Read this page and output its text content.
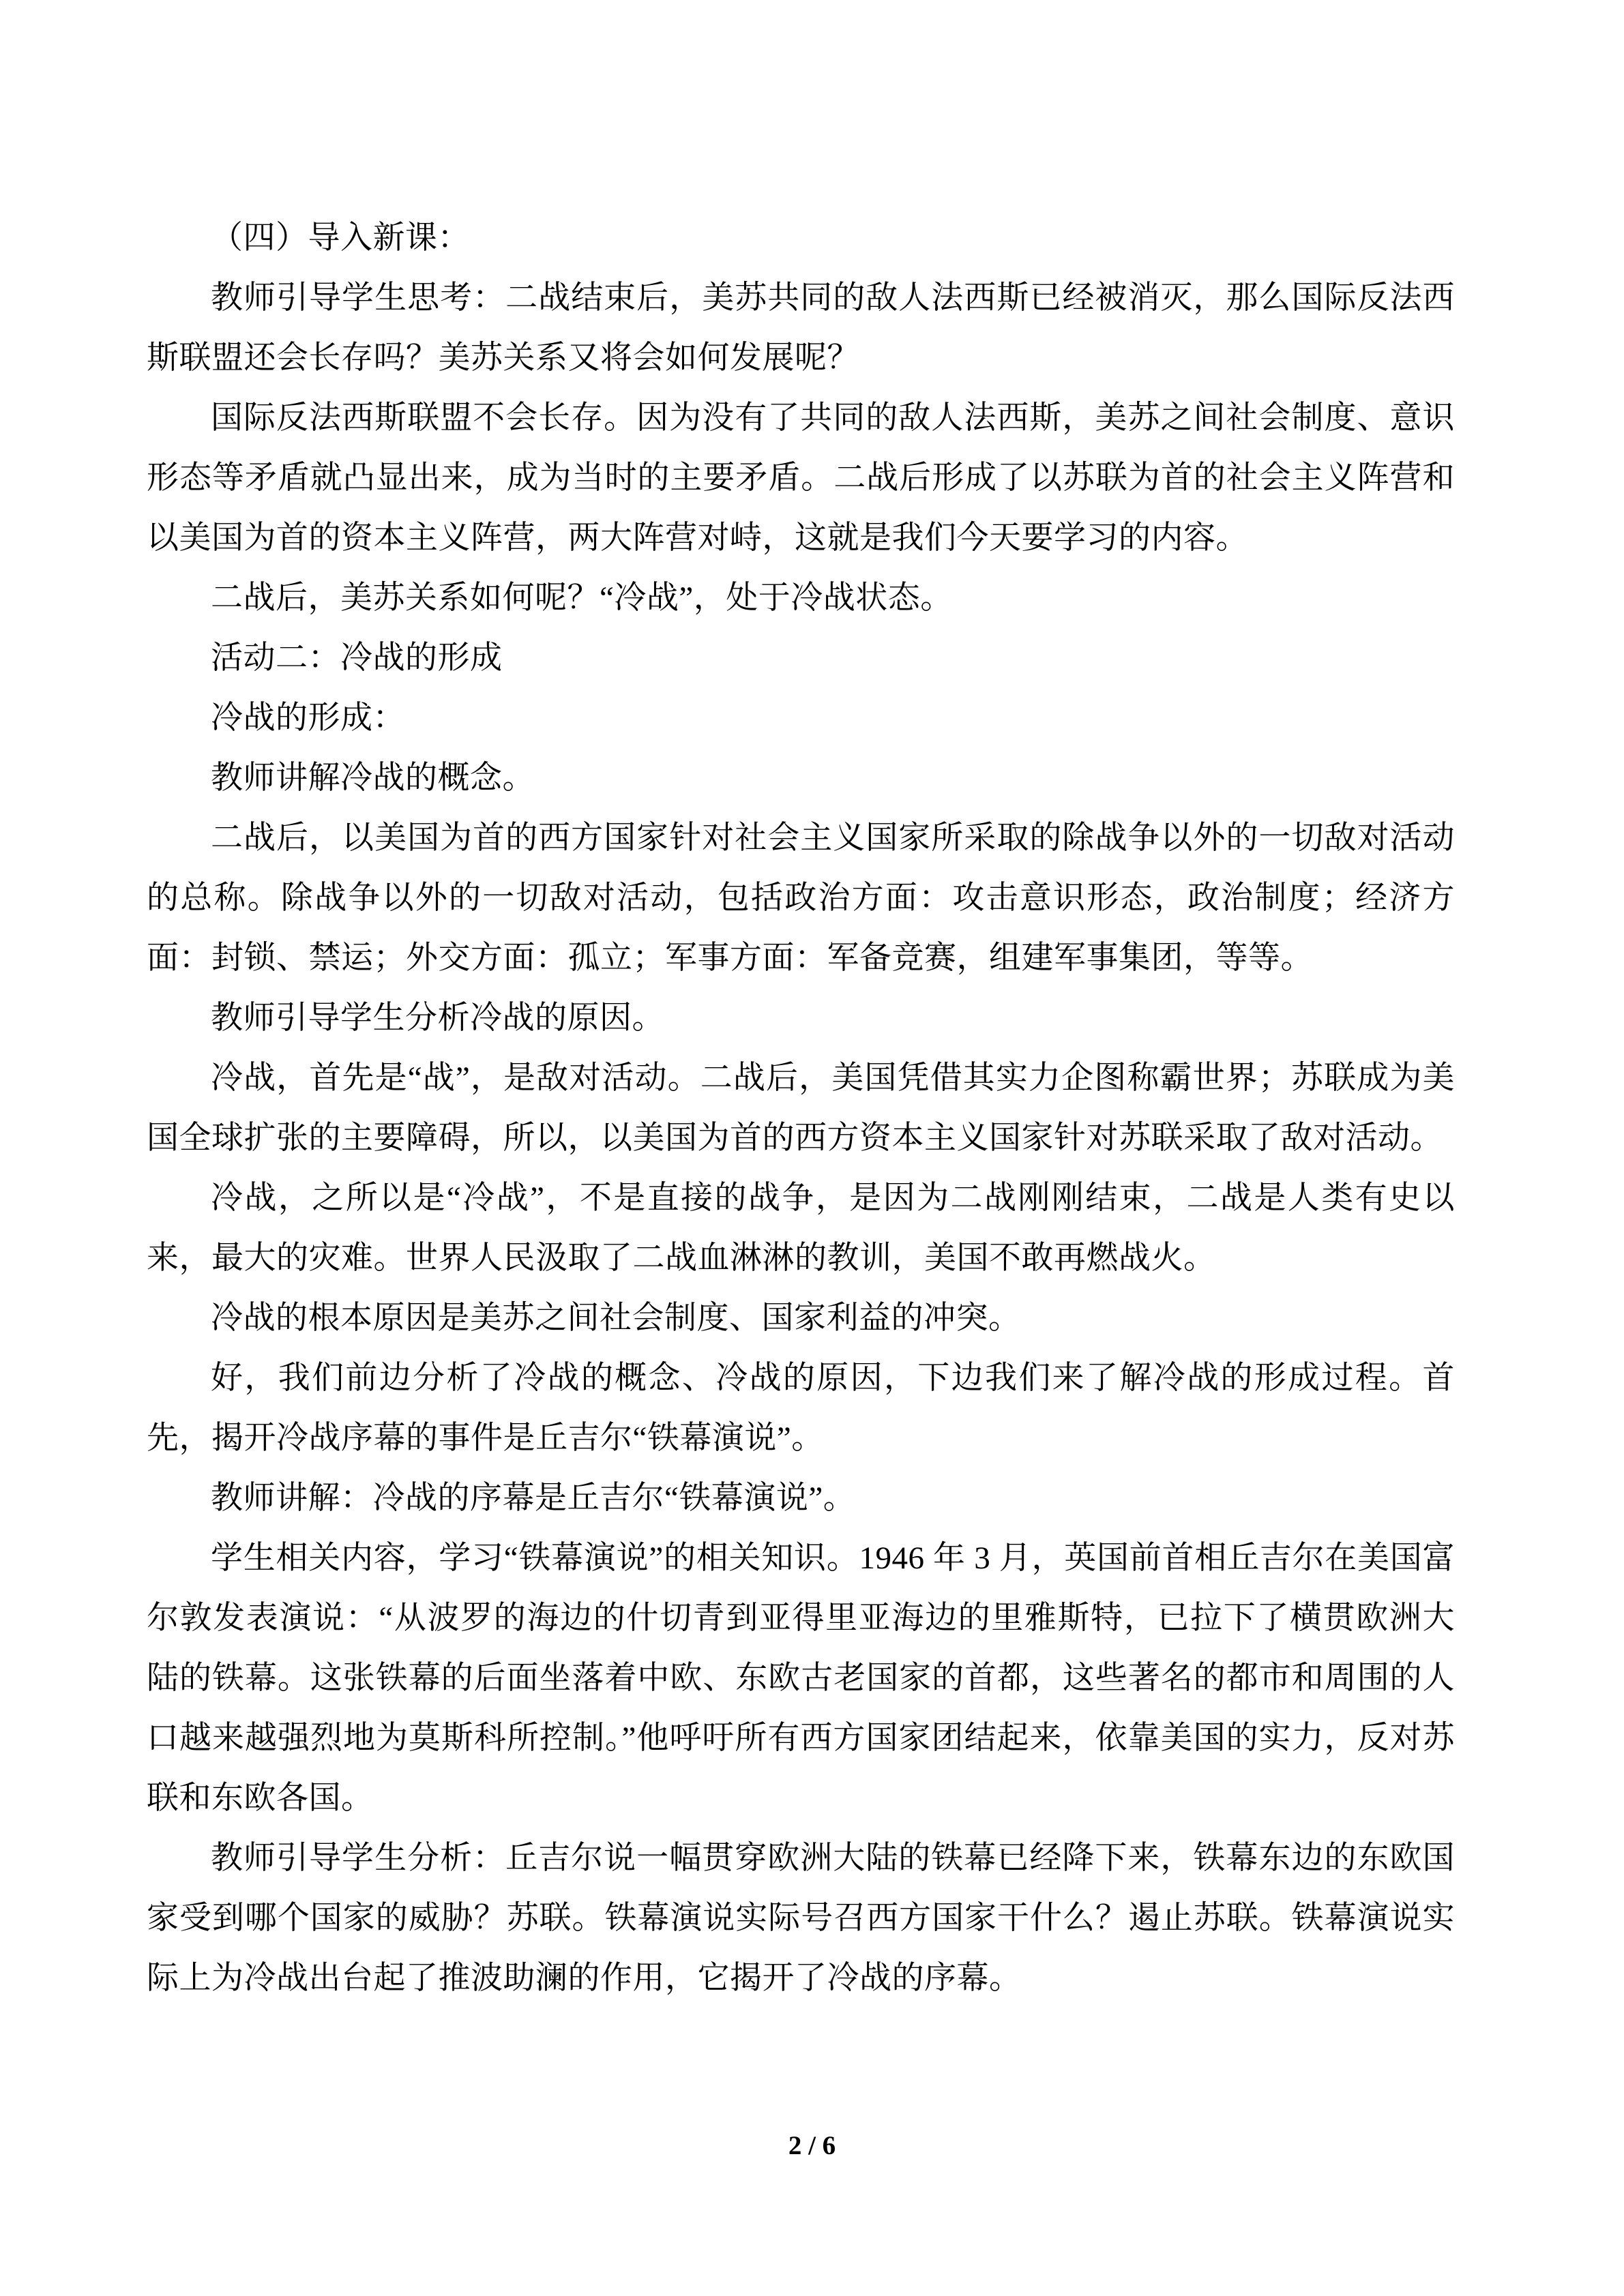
（四）导入新课：

教师引导学生思考：二战结束后，美苏共同的敌人法西斯已经被消灭，那么国际反法西斯联盟还会长存吗？美苏关系又将会如何发展呢？

国际反法西斯联盟不会长存。因为没有了共同的敌人法西斯，美苏之间社会制度、意识形态等矛盾就凸显出来，成为当时的主要矛盾。二战后形成了以苏联为首的社会主义阵营和以美国为首的资本主义阵营，两大阵营对峙，这就是我们今天要学习的内容。

二战后，美苏关系如何呢？“冷战”，处于冷战状态。

活动二：冷战的形成

冷战的形成：

教师讲解冷战的概念。

二战后，以美国为首的西方国家针对社会主义国家所采取的除战争以外的一切敌对活动的总称。除战争以外的一切敌对活动，包括政治方面：攻击意识形态，政治制度；经济方面：封锁、禁运；外交方面：孤立；军事方面：军备竞赛，组建军事集团，等等。

教师引导学生分析冷战的原因。

冷战，首先是“战”，是敌对活动。二战后，美国凭借其实力企图称霸世界；苏联成为美国全球扩张的主要障碍，所以，以美国为首的西方资本主义国家针对苏联采取了敌对活动。

冷战，之所以是“冷战”，不是直接的战争，是因为二战刚刚结束，二战是人类有史以来，最大的灾难。世界人民汲取了二战血淋淋的教训，美国不敢再燃战火。

冷战的根本原因是美苏之间社会制度、国家利益的冲突。

好，我们前边分析了冷战的概念、冷战的原因，下边我们来了解冷战的形成过程。首先，揭开冷战序幕的事件是丘吉尔“铁幕演说”。

教师讲解：冷战的序幕是丘吉尔“铁幕演说”。

学生相关内容，学习“铁幕演说”的相关知识。1946 年 3 月，英国前首相丘吉尔在美国富尔敦发表演说：“从波罗的海边的什切青到亚得里亚海边的里雅斯特，已拉下了横贯欧洲大陆的铁幕。这张铁幕的后面坐落着中欧、东欧古老国家的首都，这些著名的都市和周围的人口越来越强烈地为莫斯科所控制。”他呼吁所有西方国家团结起来，依靠美国的实力，反对苏联和东欧各国。

教师引导学生分析：丘吉尔说一幅贯穿欧洲大陆的铁幕已经降下来，铁幕东边的东欧国家受到哪个国家的威胁？苏联。铁幕演说实际号召西方国家干什么？遏止苏联。铁幕演说实际上为冷战出台起了推波助澜的作用，它揭开了冷战的序幕。

2 / 6
